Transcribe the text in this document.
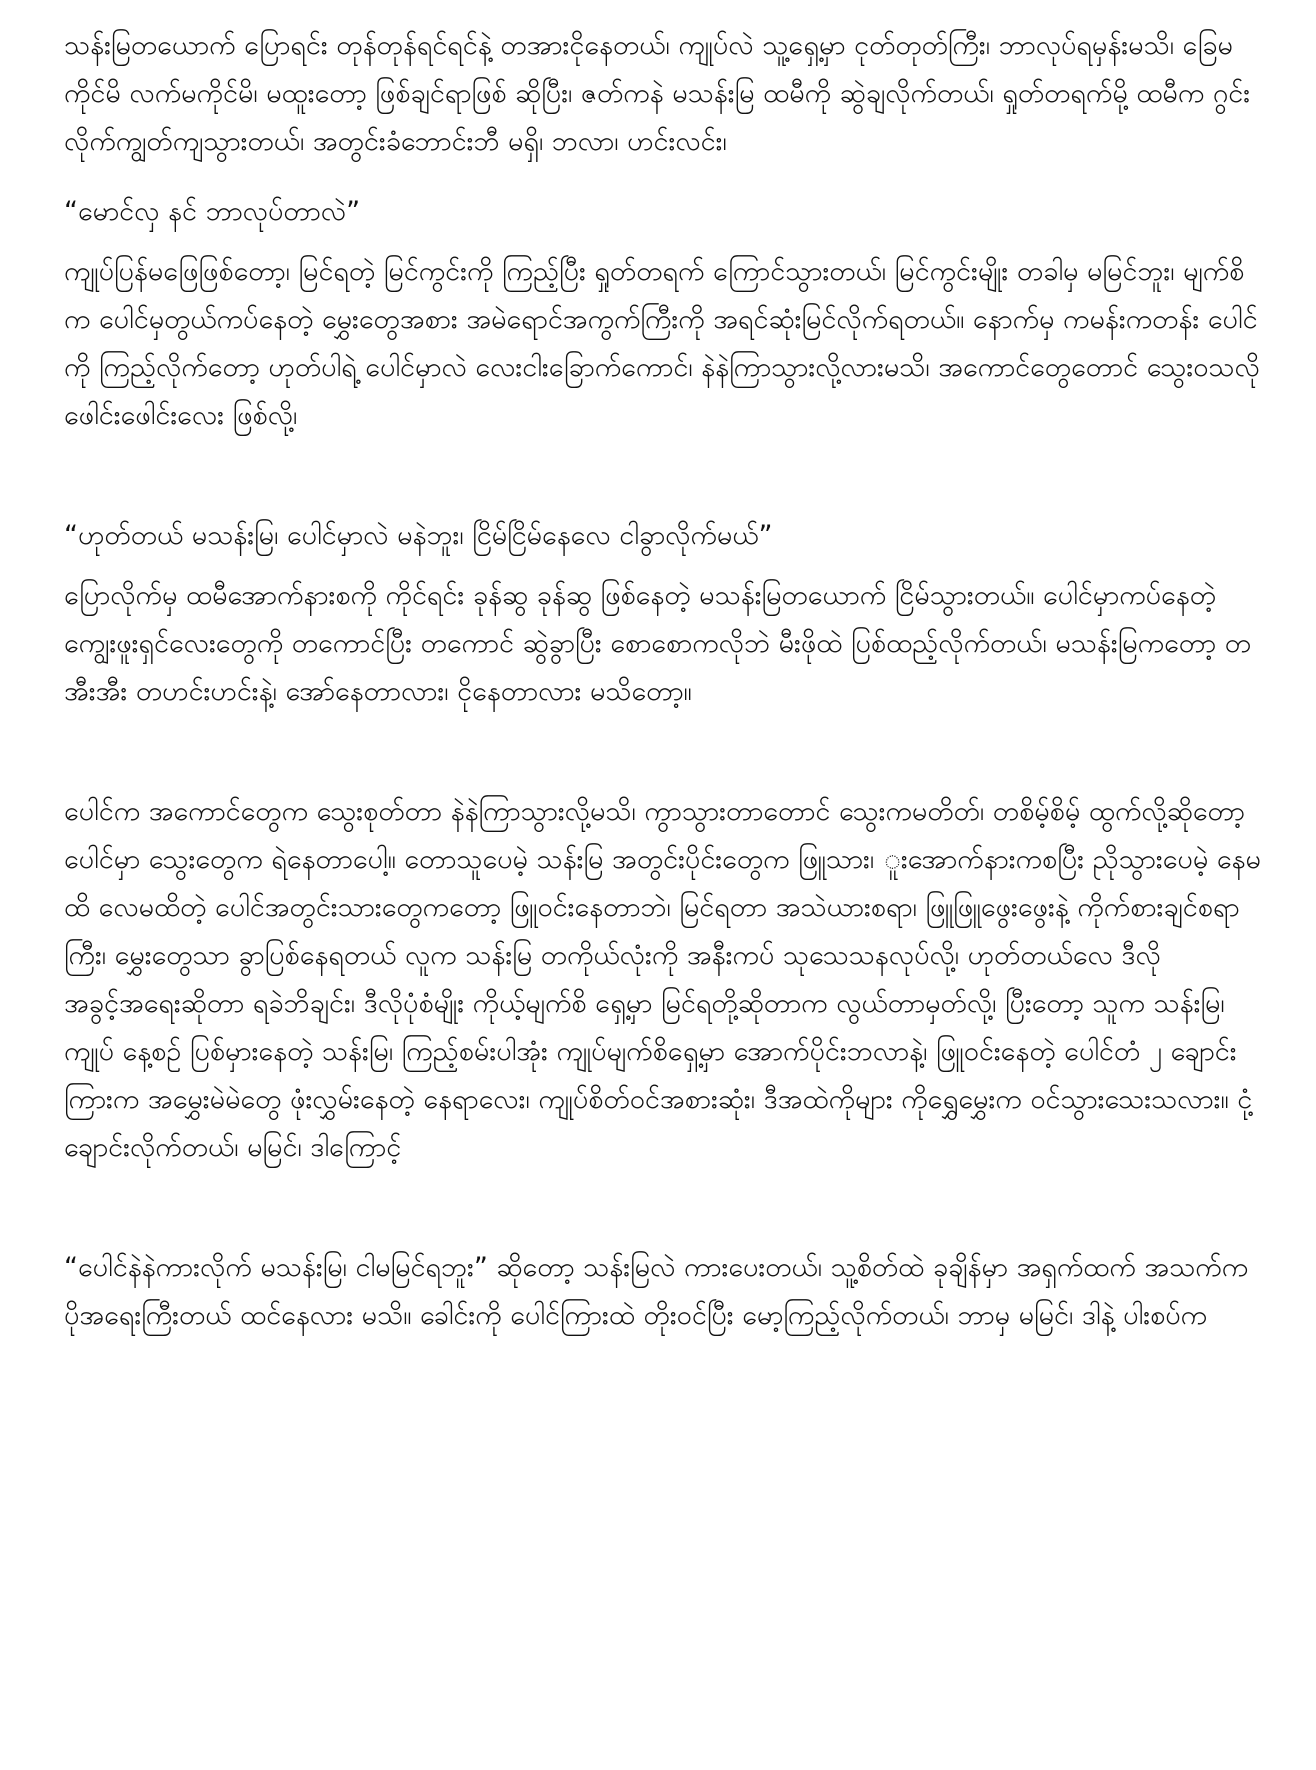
သန်းမြတယောက် ပြောရင်း တုန်တုန်ရင်ရင်နဲ့ တအားငိုနေတယ်၊ ကျုပ်လဲ သူ့ရှေ့မှာ ငုတ်တုတ်ကြီး၊ ဘာလုပ်ရမှန်းမသိ၊ ခြေမကိုင်မိ လက်မကိုင်မိ၊ မထူးတော့ ဖြစ်ချင်ရာဖြစ် ဆိုပြီး၊ ဇတ်ကနဲ မသန်းမြ ထမီကို ဆွဲချလိုက်တယ်၊ ရှုတ်တရက်မို့ ထမီက ဂွင်းလိုက်ကျွတ်ကျသွားတယ်၊ အတွင်းခံဘောင်းဘီ မရှိ၊ ဘလာ၊ ဟင်းလင်း၊

“မောင်လှ နင် ဘာလုပ်တာလဲ”

ကျုပ်ပြန်မဖြေဖြစ်တော့၊ မြင်ရတဲ့ မြင်ကွင်းကို ကြည့်ပြီး ရှုတ်တရက် ကြောင်သွားတယ်၊ မြင်ကွင်းမျိုး တခါမှ မမြင်ဘူး၊ မျက်စိက ပေါင်မှတွယ်ကပ်နေတဲ့ မွှေးတွေအစား အမဲရောင်အကွက်ကြီးကို အရင်ဆုံးမြင်လိုက်ရတယ်။ နောက်မှ ကမန်းကတန်း ပေါင်ကို ကြည့်လိုက်တော့ ဟုတ်ပါရဲ့ ပေါင်မှာလဲ လေးငါးခြောက်ကောင်၊ နဲနဲကြာသွားလို့လားမသိ၊ အကောင်တွေတောင် သွေးဝသလို ဖေါင်းဖေါင်းလေး ဖြစ်လို့၊

“ဟုတ်တယ် မသန်းမြ၊ ပေါင်မှာလဲ မနဲဘူး၊ ငြိမ်ငြိမ်နေလေ ငါခွာလိုက်မယ်”

ပြောလိုက်မှ ထမီအောက်နားစကို ကိုင်ရင်း ခုန်ဆွ ခုန်ဆွ ဖြစ်နေတဲ့ မသန်းမြတယောက် ငြိမ်သွားတယ်။ ပေါင်မှာကပ်နေတဲ့ ကျွေးဖူးရှင်လေးတွေကို တကောင်ပြီး တကောင် ဆွဲခွာပြီး စောစောကလိုဘဲ မီးဖိုထဲ ပြစ်ထည့်လိုက်တယ်၊ မသန်းမြကတော့ တအီးအီး တဟင်းဟင်းနဲ့၊ အော်နေတာလား၊ ငိုနေတာလား မသိတော့။

ပေါင်က အကောင်တွေက သွေးစုတ်တာ နဲနဲကြာသွားလို့မသိ၊ ကွာသွားတာတောင် သွေးကမတိတ်၊ တစိမ့်စိမ့် ထွက်လို့ဆိုတော့ ပေါင်မှာ သွေးတွေက ရဲနေတာပေါ့။ တောသူပေမဲ့ သန်းမြ အတွင်းပိုင်းတွေက ဖြူသား၊ ူးအောက်နားကစပြီး ညိုသွားပေမဲ့ နေမထိ လေမထိတဲ့ ပေါင်အတွင်းသားတွေကတော့ ဖြူဝင်းနေတာဘဲ၊ မြင်ရတာ အသဲယားစရာ၊ ဖြူဖြူဖွေးဖွေးနဲ့ ကိုက်စားချင်စရာကြီး၊ မွှေးတွေသာ ခွာပြစ်နေရတယ် လူက သန်းမြ တကိုယ်လုံးကို အနီးကပ် သုသေသနလုပ်လို့၊ ဟုတ်တယ်လေ ဒီလိုအခွင့်အရေးဆိုတာ ရခဲဘိချင်း၊ ဒီလိုပုံစံမျိုး ကိုယ့်မျက်စိ ရှေ့မှာ မြင်ရတို့ဆိုတာက လွယ်တာမှတ်လို့၊ ပြီးတော့ သူက သန်းမြ၊ ကျုပ် နေ့စဉ် ပြစ်မှားနေတဲ့ သန်းမြ၊ ကြည့်စမ်းပါအုံး ကျုပ်မျက်စိရှေ့မှာ အောက်ပိုင်းဘလာနဲ့၊ ဖြူဝင်းနေတဲ့ ပေါင်တံ ၂ ချောင်းကြားက အမွှေးမဲမဲတွေ ဖုံးလွှမ်းနေတဲ့ နေရာလေး၊ ကျုပ်စိတ်ဝင်အစားဆုံး၊ ဒီအထဲကိုများ ကိုရွှေမွှေးက ဝင်သွားသေးသလား။ ငုံ့ချောင်းလိုက်တယ်၊ မမြင်၊ ဒါကြောင့်

“ပေါင်နဲနဲကားလိုက် မသန်းမြ၊ ငါမမြင်ရဘူး” ဆိုတော့ သန်းမြလဲ ကားပေးတယ်၊ သူ့စိတ်ထဲ ခုချိန်မှာ အရှက်ထက် အသက်က ပိုအရေးကြီးတယ် ထင်နေလား မသိ။ ခေါင်းကို ပေါင်ကြားထဲ တိုးဝင်ပြီး မော့ကြည့်လိုက်တယ်၊ ဘာမှ မမြင်၊ ဒါနဲ့ ပါးစပ်က
